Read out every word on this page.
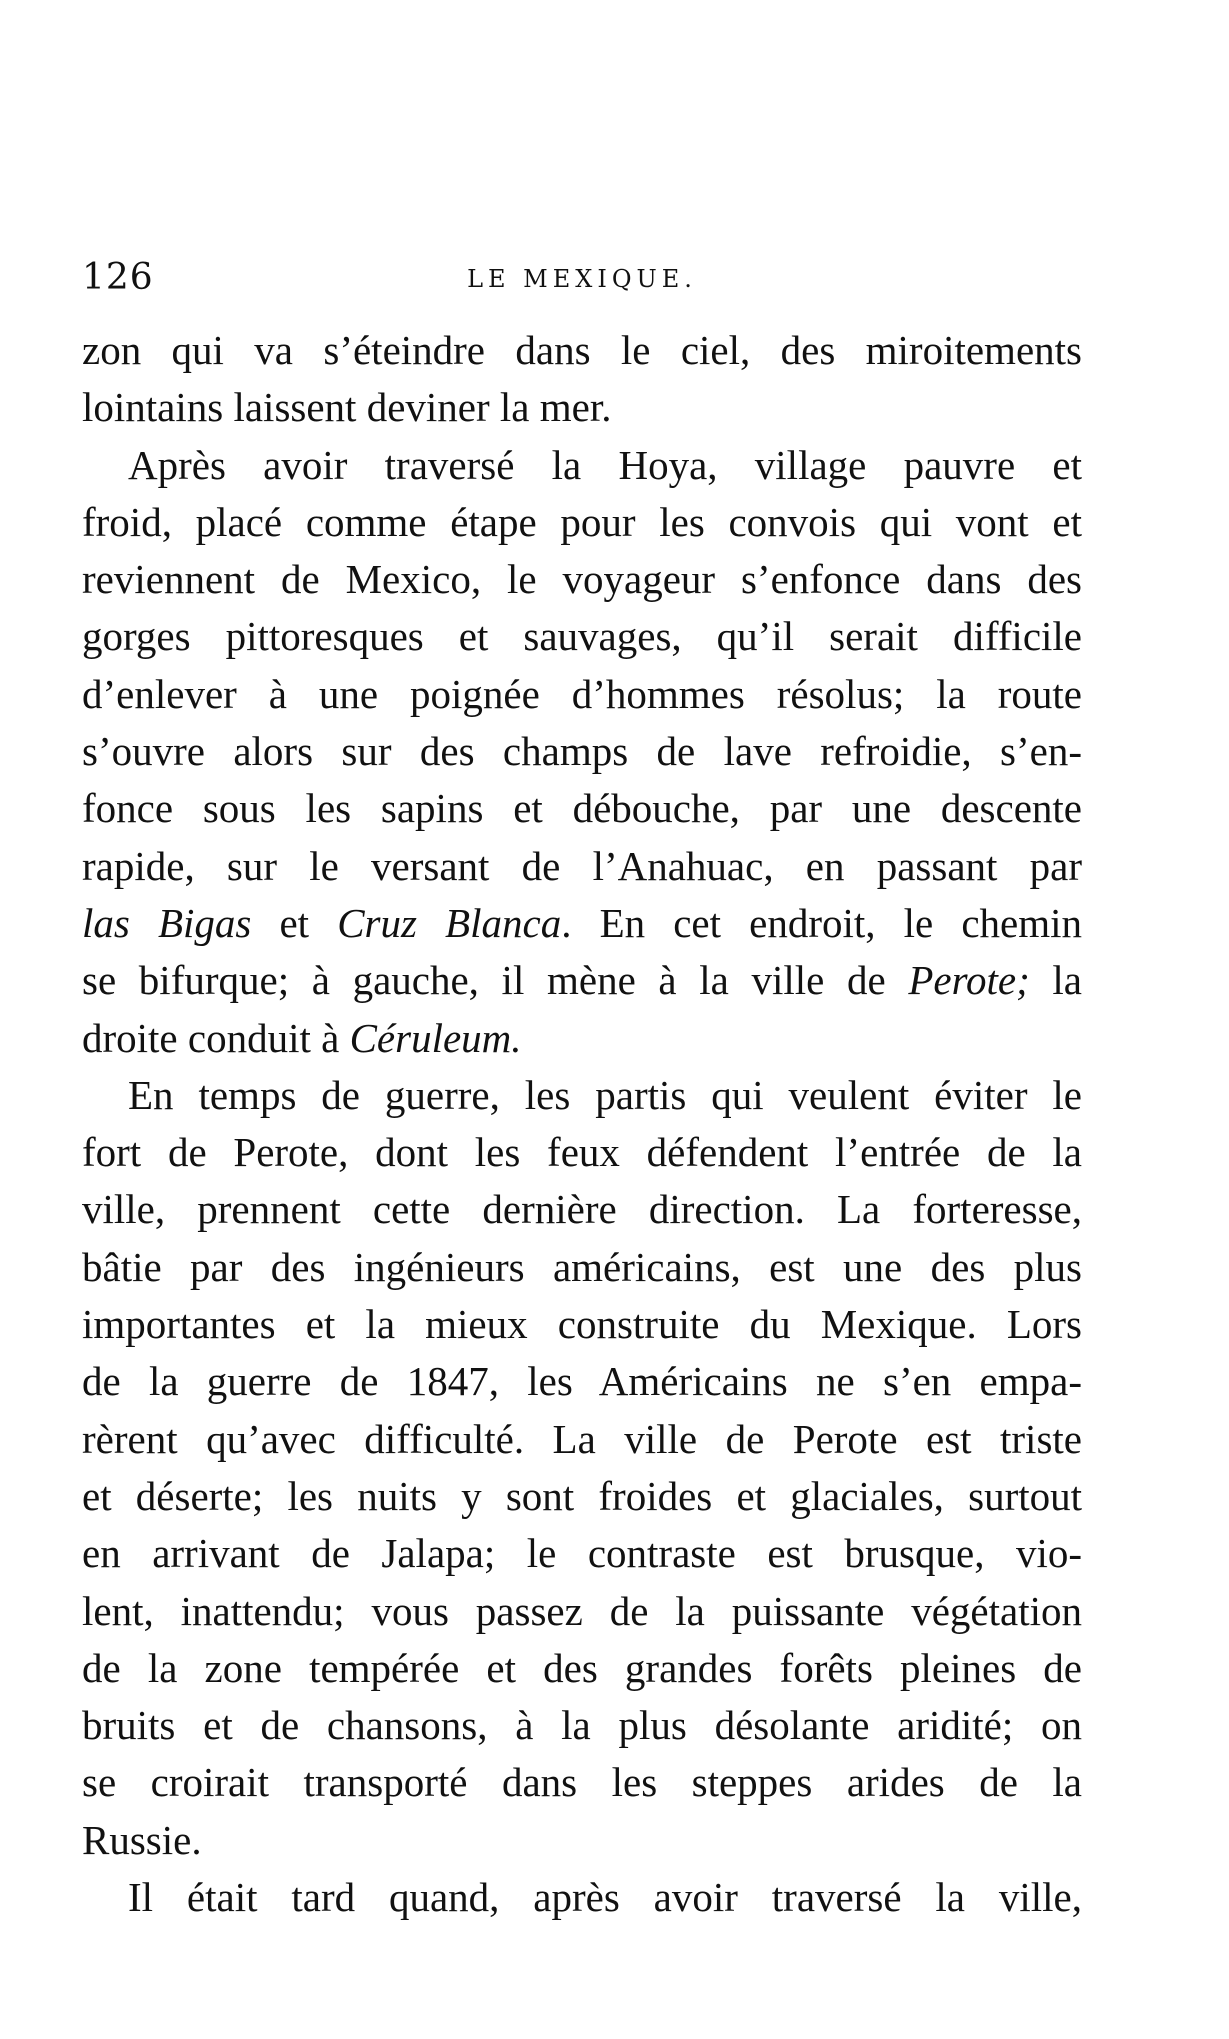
126	LE MEXIQUE.
zon qui va s’éteindre dans le ciel, des miroitements
lointains laissent deviner la mer.
Après avoir traversé la Hoya, village pauvre et
froid, placé comme étape pour les convois qui vont et
reviennent de Mexico, le voyageur s’enfonce dans des
gorges pittoresques et sauvages, qu’il serait difficile
d’enlever à une poignée d’hommes résolus; la route
s’ouvre alors sur des champs de lave refroidie, s’en-
fonce sous les sapins et débouche, par une descente
rapide, sur le versant de l’Anahuac, en passant par
las Bigas et Cruz Blanca. En cet endroit, le chemin
se bifurque; à gauche, il mène à la ville de Perote; la
droite conduit à Céruleum.
En temps de guerre, les partis qui veulent éviter le
fort de Perote, dont les feux défendent l’entrée de la
ville, prennent cette dernière direction. La forteresse,
bâtie par des ingénieurs américains, est une des plus
importantes et la mieux construite du Mexique. Lors
de la guerre de 1847, les Américains ne s’en empa-
rèrent qu’avec difficulté. La ville de Perote est triste
et déserte; les nuits y sont froides et glaciales, surtout
en arrivant de Jalapa; le contraste est brusque, vio-
lent, inattendu; vous passez de la puissante végétation
de la zone tempérée et des grandes forêts pleines de
bruits et de chansons, à la plus désolante aridité; on
se croirait transporté dans les steppes arides de la
Russie.
Il était tard quand, après avoir traversé la ville,
